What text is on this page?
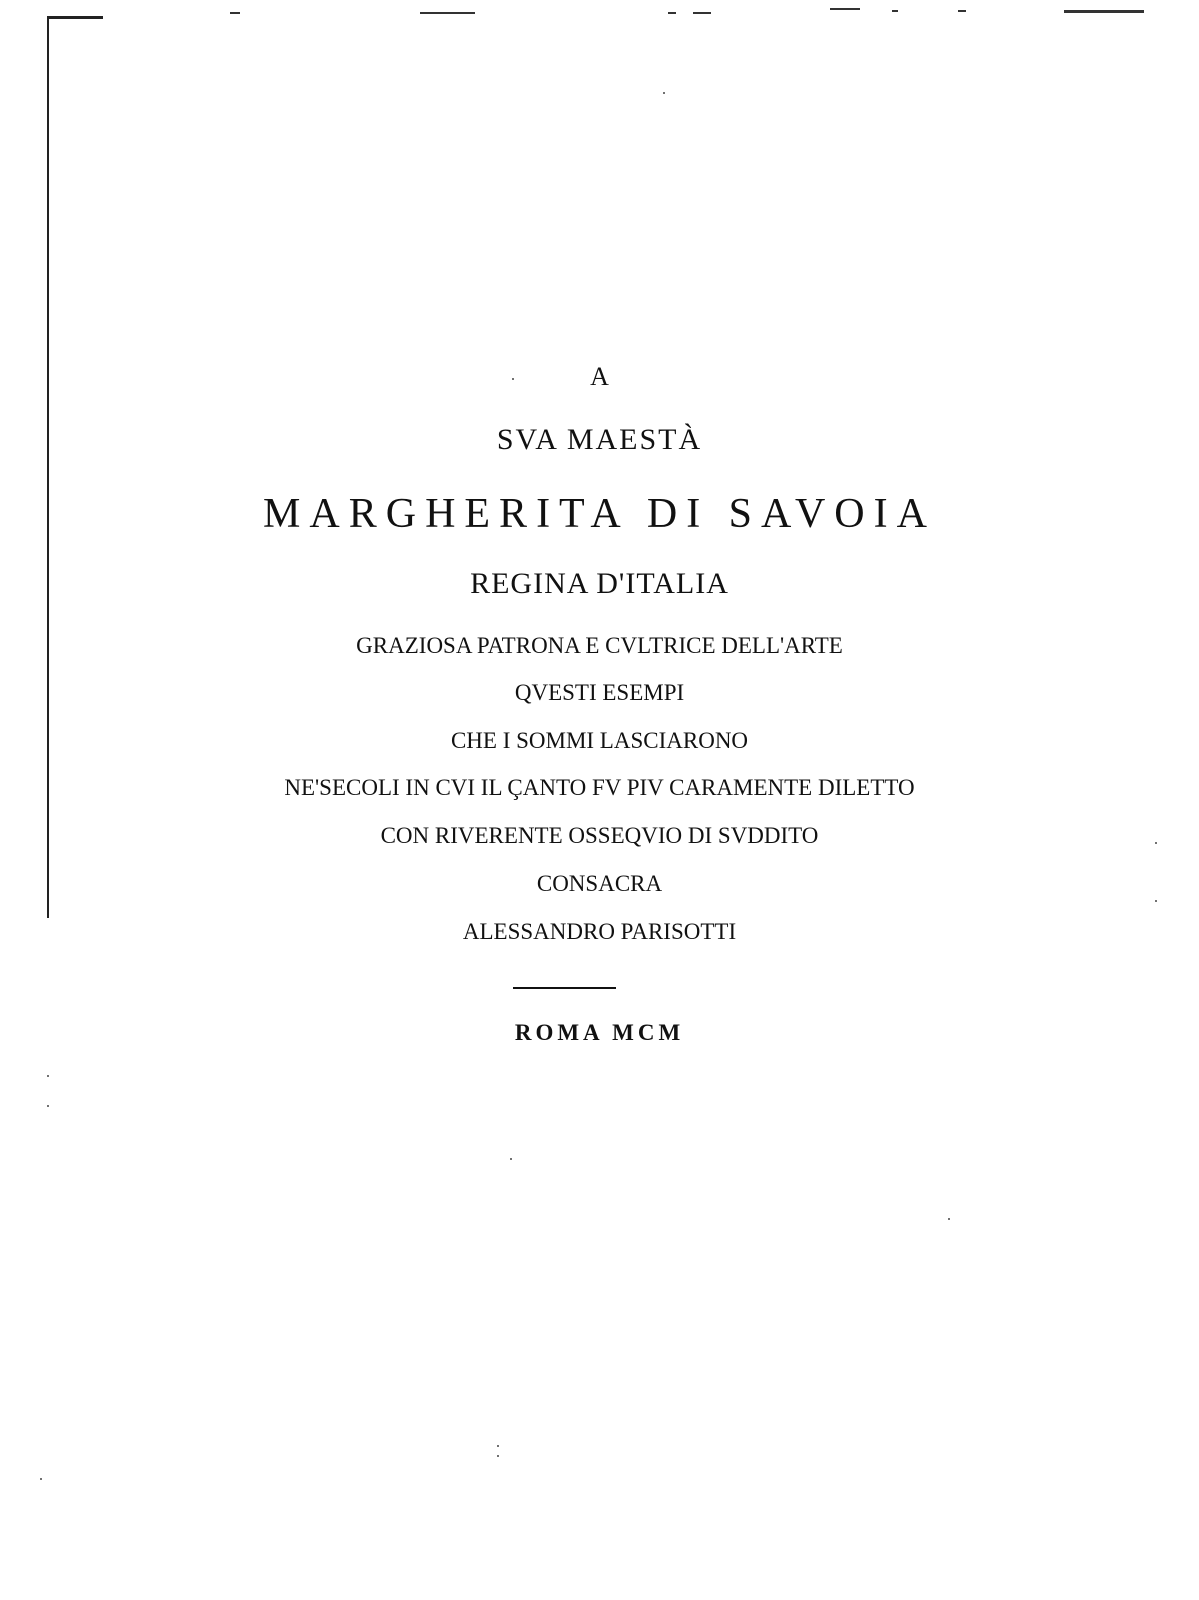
A
SVA MAESTÀ
MARGHERITA DI SAVOIA
REGINA D'ITALIA
GRAZIOSA PATRONA E CVLTRICE DELL'ARTE
QVESTI ESEMPI
CHE I SOMMI LASCIARONO
NE'SECOLI IN CVI IL ÇANTO FV PIV CARAMENTE DILETTO
CON RIVERENTE OSSEQVIO DI SVDDITO
CONSACRA
ALESSANDRO PARISOTTI
ROMA MCM
